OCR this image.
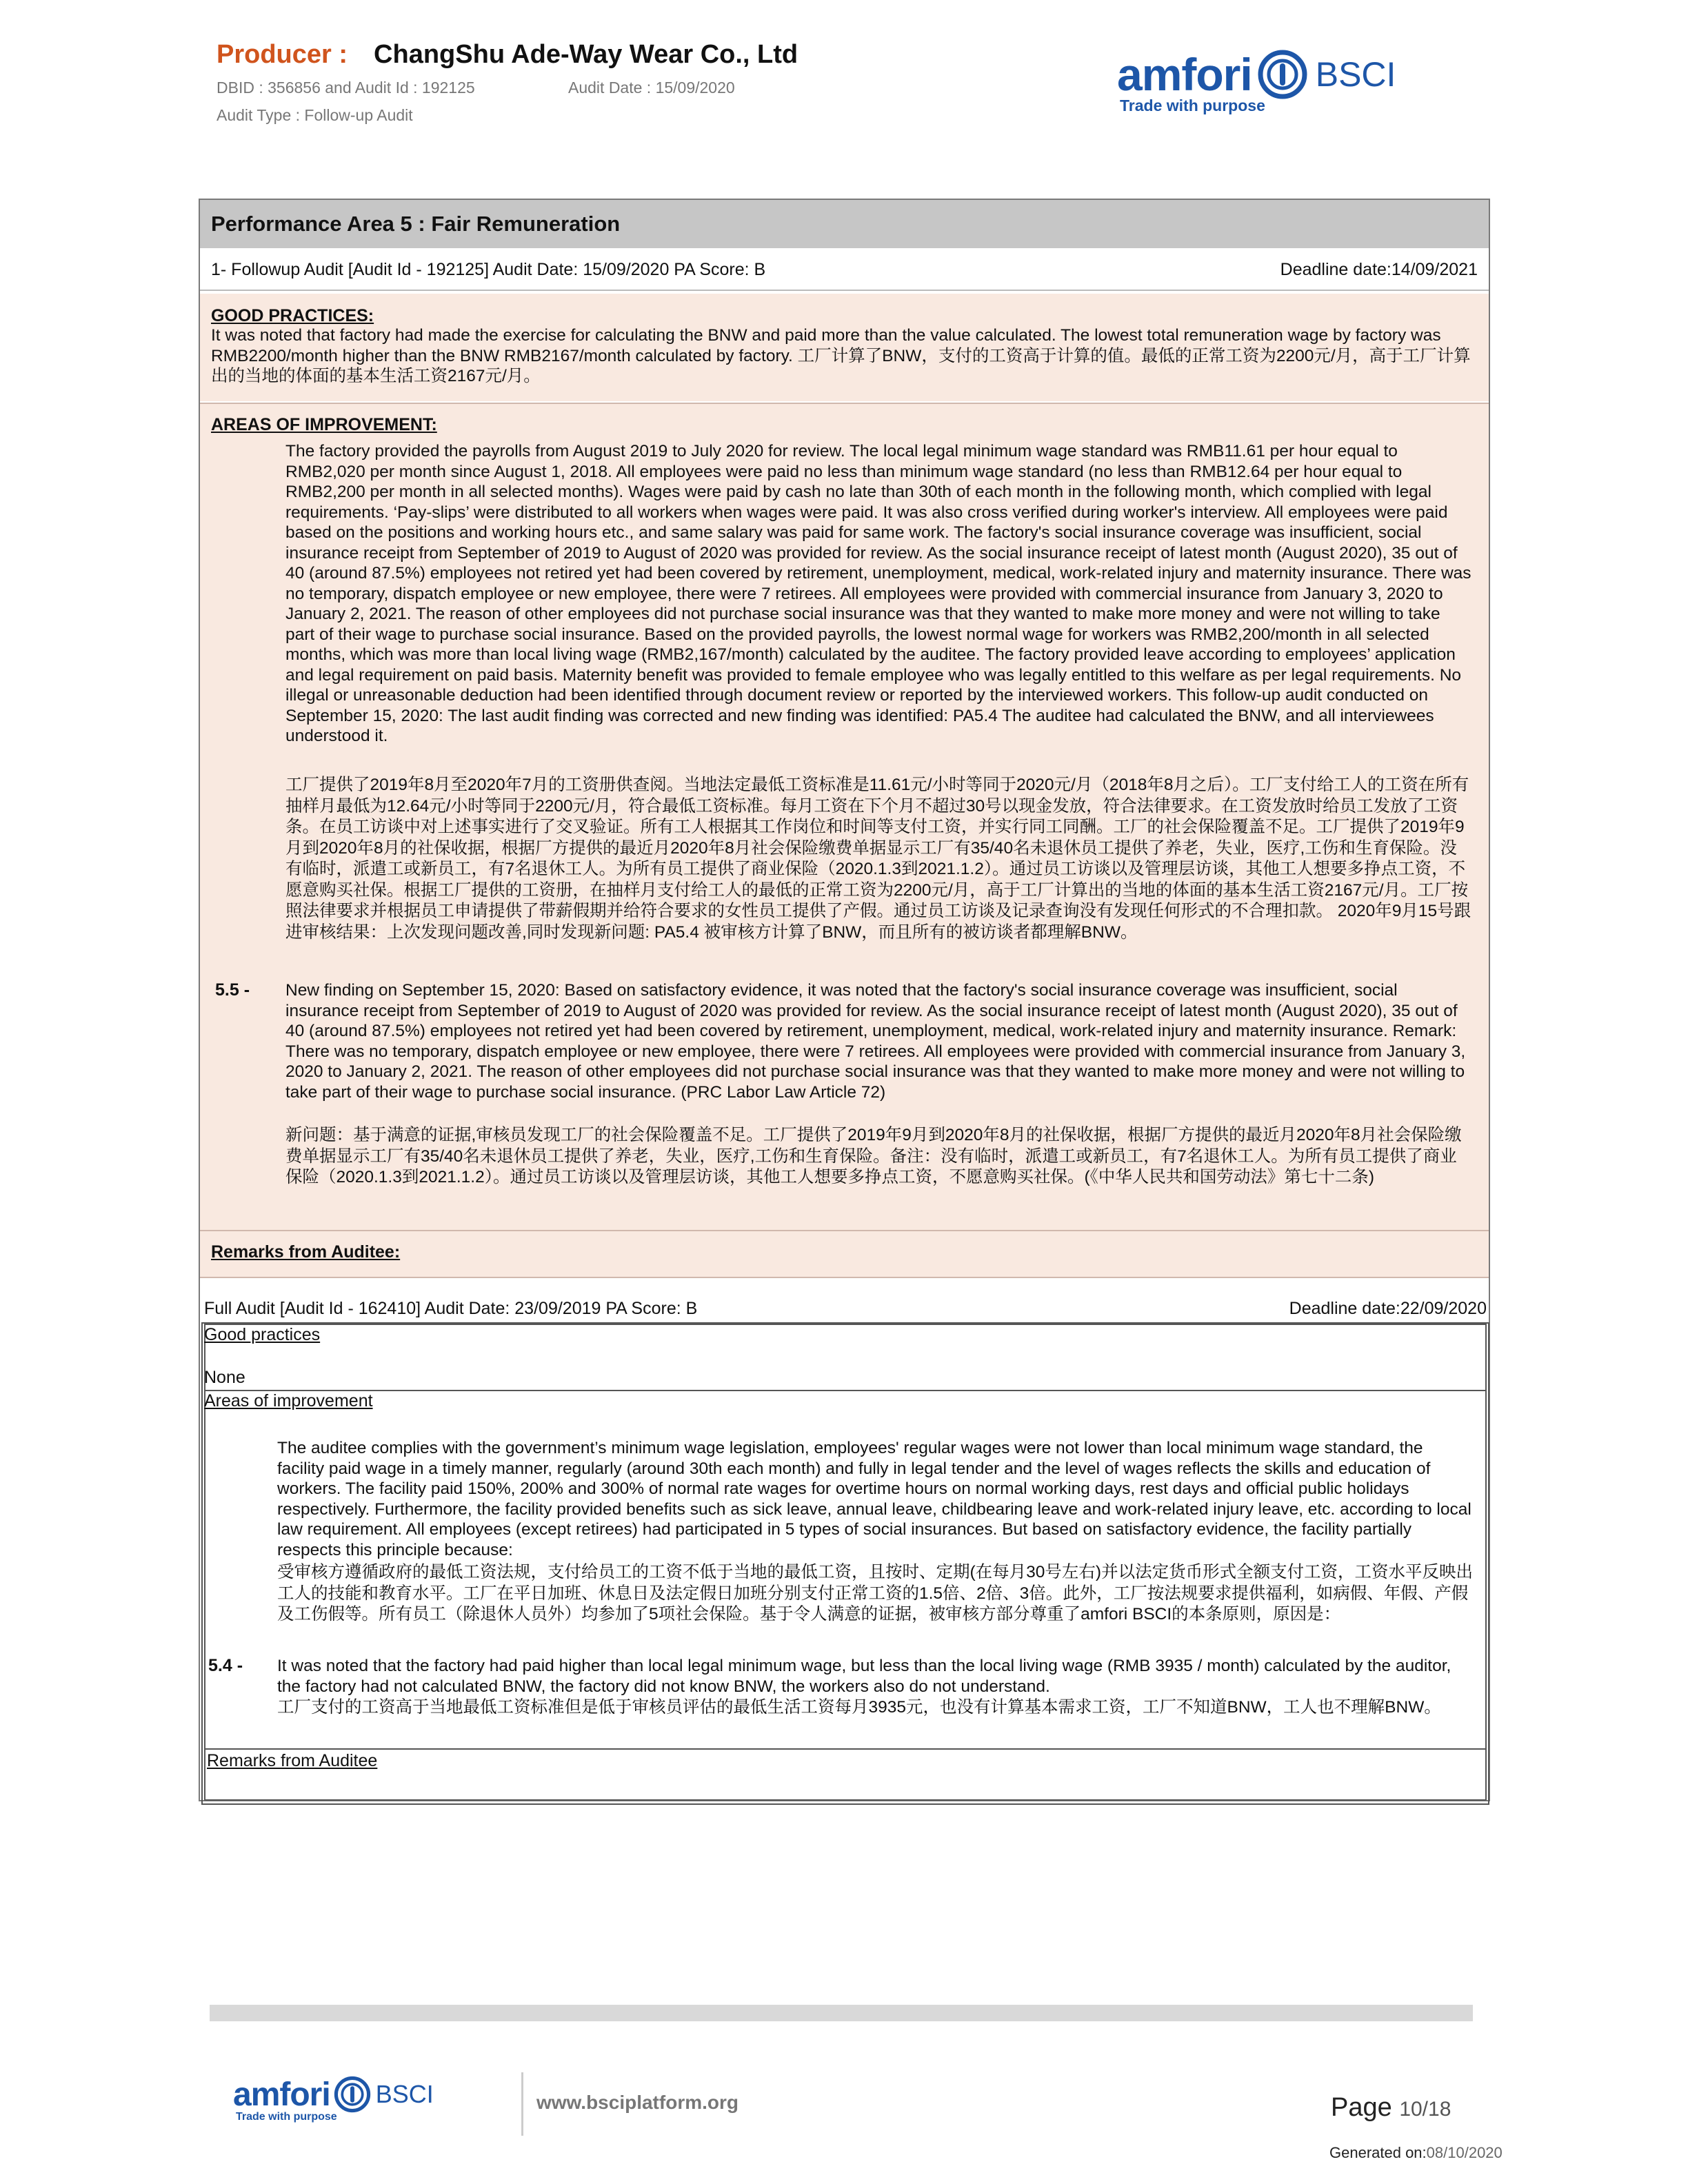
Producer : ChangShu Ade-Way Wear Co., Ltd
DBID : 356856 and Audit Id : 192125	Audit Date : 15/09/2020
Audit Type : Follow-up Audit
amfori BSCI
Trade with purpose
Performance Area 5 : Fair Remuneration
1- Followup Audit [Audit Id - 192125] Audit Date: 15/09/2020 PA Score: B	Deadline date:14/09/2021
GOOD PRACTICES:
It was noted that factory had made the exercise for calculating the BNW and paid more than the value calculated. The lowest total remuneration wage by factory was RMB2200/month higher than the BNW RMB2167/month calculated by factory. 工厂计算了BNW，支付的工资高于计算的值。最低的正常工资为2200元/月，高于工厂计算出的当地的体面的基本生活工资2167元/月。
AREAS OF IMPROVEMENT:
The factory provided the payrolls from August 2019 to July 2020 for review. The local legal minimum wage standard was RMB11.61 per hour equal to RMB2,020 per month since August 1, 2018. All employees were paid no less than minimum wage standard (no less than RMB12.64 per hour equal to RMB2,200 per month in all selected months). Wages were paid by cash no late than 30th of each month in the following month, which complied with legal requirements. ‘Pay-slips’ were distributed to all workers when wages were paid. It was also cross verified during worker's interview. All employees were paid based on the positions and working hours etc., and same salary was paid for same work. The factory's social insurance coverage was insufficient, social insurance receipt from September of 2019 to August of 2020 was provided for review. As the social insurance receipt of latest month (August 2020), 35 out of 40 (around 87.5%) employees not retired yet had been covered by retirement, unemployment, medical, work-related injury and maternity insurance. There was no temporary, dispatch employee or new employee, there were 7 retirees. All employees were provided with commercial insurance from January 3, 2020 to January 2, 2021. The reason of other employees did not purchase social insurance was that they wanted to make more money and were not willing to take part of their wage to purchase social insurance. Based on the provided payrolls, the lowest normal wage for workers was RMB2,200/month in all selected months, which was more than local living wage (RMB2,167/month) calculated by the auditee. The factory provided leave according to employees’ application and legal requirement on paid basis. Maternity benefit was provided to female employee who was legally entitled to this welfare as per legal requirements. No illegal or unreasonable deduction had been identified through document review or reported by the interviewed workers. This follow-up audit conducted on September 15, 2020: The last audit finding was corrected and new finding was identified: PA5.4 The auditee had calculated the BNW, and all interviewees understood it.
工厂提供了2019年8月至2020年7月的工资册供查阅。当地法定最低工资标准是11.61元/小时等同于2020元/月（2018年8月之后）。工厂支付给工人的工资在所有抽样月最低为12.64元/小时等同于2200元/月，符合最低工资标准。每月工资在下个月不超过30号以现金发放，符合法律要求。在工资发放时给员工发放了工资条。在员工访谈中对上述事实进行了交叉验证。所有工人根据其工作岗位和时间等支付工资，并实行同工同酬。工厂的社会保险覆盖不足。工厂提供了2019年9月到2020年8月的社保收据，根据厂方提供的最近月2020年8月社会保险缴费单据显示工厂有35/40名未退休员工提供了养老，失业，医疗,工伤和生育保险。没有临时，派遣工或新员工，有7名退休工人。为所有员工提供了商业保险（2020.1.3到2021.1.2）。通过员工访谈以及管理层访谈，其他工人想要多挣点工资，不愿意购买社保。根据工厂提供的工资册，在抽样月支付给工人的最低的正常工资为2200元/月，高于工厂计算出的当地的体面的基本生活工资2167元/月。工厂按照法律要求并根据员工申请提供了带薪假期并给符合要求的女性员工提供了产假。通过员工访谈及记录查询没有发现任何形式的不合理扣款。 2020年9月15号跟进审核结果：上次发现问题改善,同时发现新问题: PA5.4 被审核方计算了BNW，而且所有的被访谈者都理解BNW。
5.5 - New finding on September 15, 2020: Based on satisfactory evidence, it was noted that the factory's social insurance coverage was insufficient, social insurance receipt from September of 2019 to August of 2020 was provided for review. As the social insurance receipt of latest month (August 2020), 35 out of 40 (around 87.5%) employees not retired yet had been covered by retirement, unemployment, medical, work-related injury and maternity insurance. Remark: There was no temporary, dispatch employee or new employee, there were 7 retirees. All employees were provided with commercial insurance from January 3, 2020 to January 2, 2021. The reason of other employees did not purchase social insurance was that they wanted to make more money and were not willing to take part of their wage to purchase social insurance. (PRC Labor Law Article 72)
新问题：基于满意的证据,审核员发现工厂的社会保险覆盖不足。工厂提供了2019年9月到2020年8月的社保收据，根据厂方提供的最近月2020年8月社会保险缴费单据显示工厂有35/40名未退休员工提供了养老，失业，医疗,工伤和生育保险。备注：没有临时，派遣工或新员工，有7名退休工人。为所有员工提供了商业保险（2020.1.3到2021.1.2）。通过员工访谈以及管理层访谈，其他工人想要多挣点工资，不愿意购买社保。(《中华人民共和国劳动法》第七十二条)
Remarks from Auditee:
Full Audit [Audit Id - 162410] Audit Date: 23/09/2019 PA Score: B	Deadline date:22/09/2020
Good practices
None
Areas of improvement
The auditee complies with the government’s minimum wage legislation, employees' regular wages were not lower than local minimum wage standard, the facility paid wage in a timely manner, regularly (around 30th each month) and fully in legal tender and the level of wages reflects the skills and education of workers. The facility paid 150%, 200% and 300% of normal rate wages for overtime hours on normal working days, rest days and official public holidays respectively. Furthermore, the facility provided benefits such as sick leave, annual leave, childbearing leave and work-related injury leave, etc. according to local law requirement. All employees (except retirees) had participated in 5 types of social insurances. But based on satisfactory evidence, the facility partially respects this principle because:
受审核方遵循政府的最低工资法规，支付给员工的工资不低于当地的最低工资，且按时、定期(在每月30号左右)并以法定货币形式全额支付工资，工资水平反映出工人的技能和教育水平。工厂在平日加班、休息日及法定假日加班分别支付正常工资的1.5倍、2倍、3倍。此外，工厂按法规要求提供福利，如病假、年假、产假及工伤假等。所有员工（除退休人员外）均参加了5项社会保险。基于令人满意的证据，被审核方部分尊重了amfori BSCI的本条原则，原因是：
5.4 - It was noted that the factory had paid higher than local legal minimum wage, but less than the local living wage (RMB 3935 / month) calculated by the auditor, the factory had not calculated BNW, the factory did not know BNW, the workers also do not understand.
工厂支付的工资高于当地最低工资标准但是低于审核员评估的最低生活工资每月3935元，也没有计算基本需求工资，工厂不知道BNW，工人也不理解BNW。
Remarks from Auditee
amfori BSCI
Trade with purpose
www.bsciplatform.org	Page 10/18
Generated on:08/10/2020
